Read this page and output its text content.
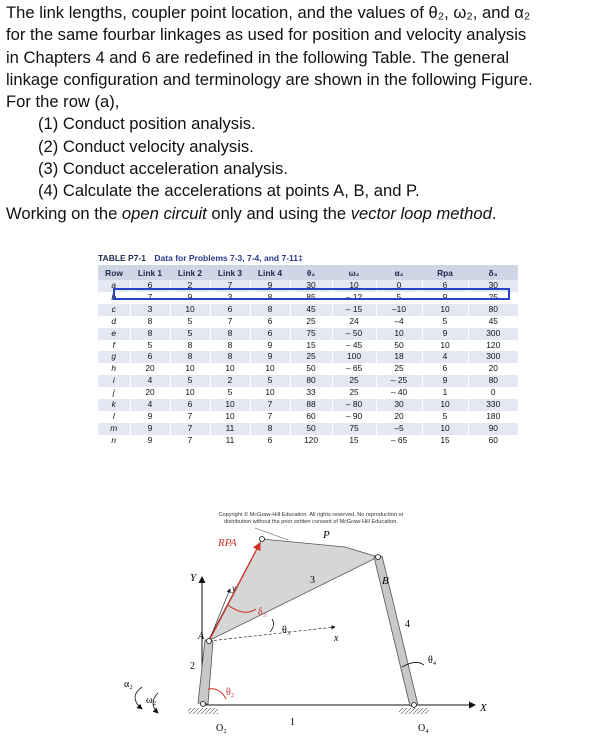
The link lengths, coupler point location, and the values of θ₂, ω₂, and α₂

for the same fourbar linkages as used for position and velocity analysis

in Chapters 4 and 6 are redefined in the following Table. The general

linkage configuration and terminology are shown in the following Figure.

For the row (a),

(1) Conduct position analysis.

(2) Conduct velocity analysis.

(3) Conduct acceleration analysis.

(4) Calculate the accelerations at points A, B, and P.

Working on the open circuit only and using the vector loop method.

TABLE P7-1 Data for Problems 7-3, 7-4, and 7-11‡
Row	Link 1	Link 2	Link 3	Link 4	θ₂	ω₂	α₂	Rpa	δ₃
a	6	2	7	9	30	10	0	6	30
b	7	9	3	8	85	– 12	5	9	25
c	3	10	6	8	45	– 15	–10	10	80
d	8	5	7	6	25	24	–4	5	45
e	8	5	8	6	75	– 50	10	9	300
f	5	8	8	9	15	– 45	50	10	120
g	6	8	8	9	25	100	18	4	300
h	20	10	10	10	50	– 65	25	6	20
i	4	5	2	5	80	25	– 25	9	80
j	20	10	5	10	33	25	– 40	1	0
k	4	6	10	7	88	– 80	30	10	330
l	9	7	10	7	60	– 90	20	5	180
m	9	7	11	8	50	75	–5	10	90
n	9	7	11	6	120	15	– 65	15	60
Copyright © McGraw-Hill Education. All rights reserved. No reproduction or
distribution without the prior written consent of McGraw-Hill Education.
RPA
P
Y
y
3	B
δ₃
θ₃
x
A
4
θ₄
2
α₂
ω₂
θ₂
X
1
O₂	O₄
